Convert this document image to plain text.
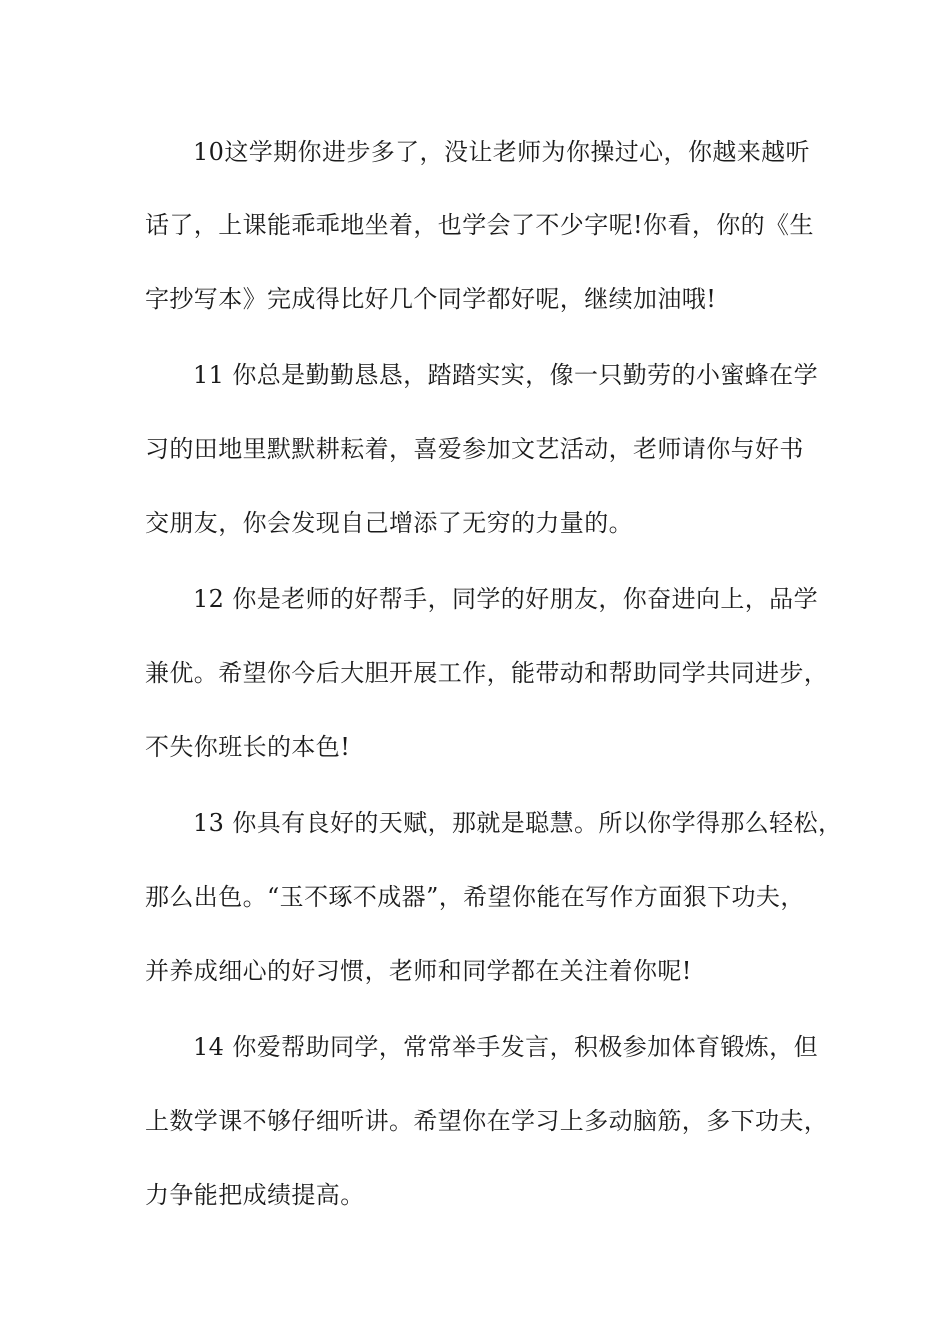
10这学期你进步多了，没让老师为你操过心，你越来越听
话了，上课能乖乖地坐着，也学会了不少字呢!你看，你的《生
字抄写本》完成得比好几个同学都好呢，继续加油哦!
11 你总是勤勤恳恳，踏踏实实，像一只勤劳的小蜜蜂在学
习的田地里默默耕耘着，喜爱参加文艺活动，老师请你与好书
交朋友，你会发现自己增添了无穷的力量的。
12 你是老师的好帮手，同学的好朋友，你奋进向上，品学
兼优。希望你今后大胆开展工作，能带动和帮助同学共同进步，
不失你班长的本色!
13 你具有良好的天赋，那就是聪慧。所以你学得那么轻松，
那么出色。“玉不琢不成器”，希望你能在写作方面狠下功夫，
并养成细心的好习惯，老师和同学都在关注着你呢!
14 你爱帮助同学，常常举手发言，积极参加体育锻炼，但
上数学课不够仔细听讲。希望你在学习上多动脑筋，多下功夫，
力争能把成绩提高。
